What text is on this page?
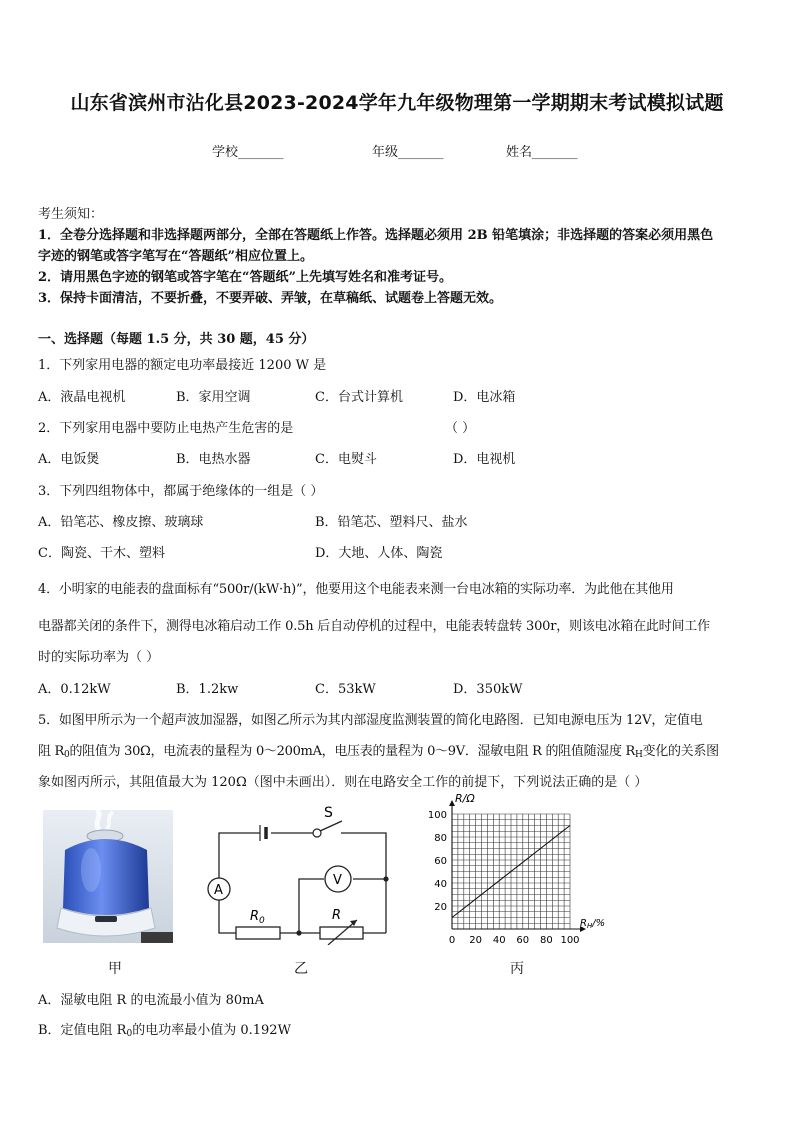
山东省滨州市沾化县2023-2024学年九年级物理第一学期期末考试模拟试题
学校_______	年级_______	姓名_______
考生须知：
1．全卷分选择题和非选择题两部分，全部在答题纸上作答。选择题必须用 2B 铅笔填涂；非选择题的答案必须用黑色
字迹的钢笔或答字笔写在“答题纸”相应位置上。
2．请用黑色字迹的钢笔或答字笔在“答题纸”上先填写姓名和准考证号。
3．保持卡面清洁，不要折叠，不要弄破、弄皱，在草稿纸、试题卷上答题无效。
一、选择题（每题 1.5 分，共 30 题，45 分）
1．下列家用电器的额定电功率最接近 1200 W 是
A．液晶电视机	B．家用空调	C．台式计算机	D．电冰箱
2．下列家用电器中要防止电热产生危害的是	（ ）
A．电饭煲	B．电热水器	C．电熨斗	D．电视机
3．下列四组物体中，都属于绝缘体的一组是（ ）
A．铅笔芯、橡皮擦、玻璃球	B．铅笔芯、塑料尺、盐水
C．陶瓷、干木、塑料	D．大地、人体、陶瓷
4．小明家的电能表的盘面标有“500r/(kW·h)”，他要用这个电能表来测一台电冰箱的实际功率．为此他在其他用
电器都关闭的条件下，测得电冰箱启动工作 0.5h 后自动停机的过程中，电能表转盘转 300r，则该电冰箱在此时间工作
时的实际功率为（ ）
A．0.12kW	B．1.2kw	C．53kW	D．350kW
5．如图甲所示为一个超声波加湿器，如图乙所示为其内部湿度监测装置的简化电路图．已知电源电压为 12V，定值电
阻 $R_0$的阻值为 30Ω，电流表的量程为 0～200mA，电压表的量程为 0～9V．湿敏电阻 R 的阻值随湿度 $R_H$变化的关系图
象如图丙所示，其阻值最大为 120Ω（图中未画出）．则在电路安全工作的前提下，下列说法正确的是（ ）
S
A
V
$R_0$	R
0 20 40 60 80 100
20
40
60
80
100
R/Ω
$R_H/\%$
甲	乙	丙
A．湿敏电阻 R 的电流最小值为 80mA
B．定值电阻 $R_0$的电功率最小值为 0.192W
